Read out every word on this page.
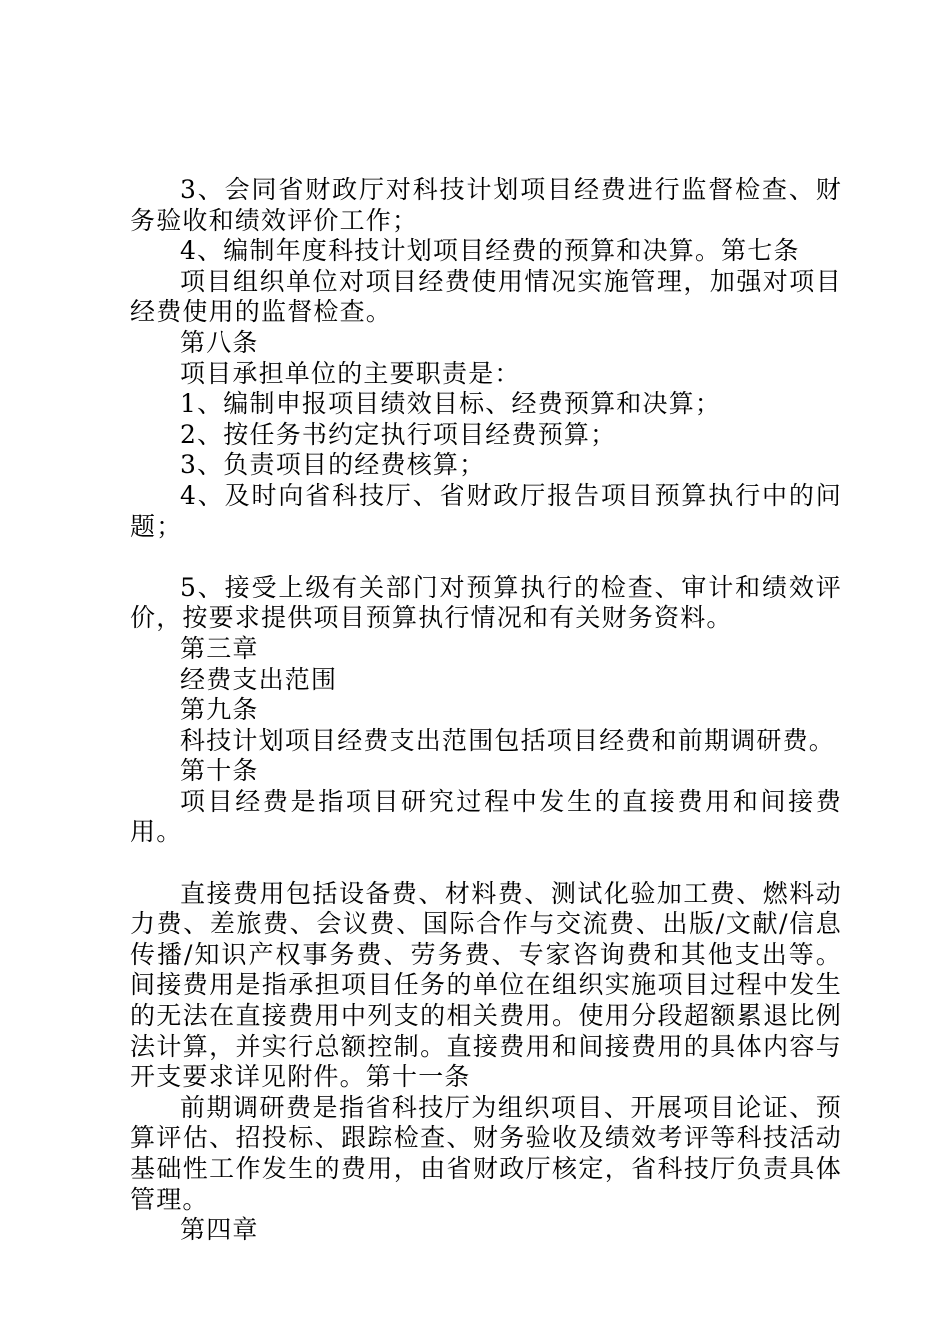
3、会同省财政厅对科技计划项目经费进行监督检查、财务验收和绩效评价工作；

4、编制年度科技计划项目经费的预算和决算。第七条

项目组织单位对项目经费使用情况实施管理，加强对项目经费使用的监督检查。

第八条

项目承担单位的主要职责是：

1、编制申报项目绩效目标、经费预算和决算；

2、按任务书约定执行项目经费预算；

3、负责项目的经费核算；

4、及时向省科技厅、省财政厅报告项目预算执行中的问题；

5、接受上级有关部门对预算执行的检查、审计和绩效评价，按要求提供项目预算执行情况和有关财务资料。

第三章

经费支出范围

第九条

科技计划项目经费支出范围包括项目经费和前期调研费。

第十条

项目经费是指项目研究过程中发生的直接费用和间接费用。

直接费用包括设备费、材料费、测试化验加工费、燃料动力费、差旅费、会议费、国际合作与交流费、出版/文献/信息传播/知识产权事务费、劳务费、专家咨询费和其他支出等。间接费用是指承担项目任务的单位在组织实施项目过程中发生的无法在直接费用中列支的相关费用。使用分段超额累退比例法计算，并实行总额控制。直接费用和间接费用的具体内容与开支要求详见附件。第十一条

前期调研费是指省科技厅为组织项目、开展项目论证、预算评估、招投标、跟踪检查、财务验收及绩效考评等科技活动基础性工作发生的费用，由省财政厅核定，省科技厅负责具体管理。

第四章
